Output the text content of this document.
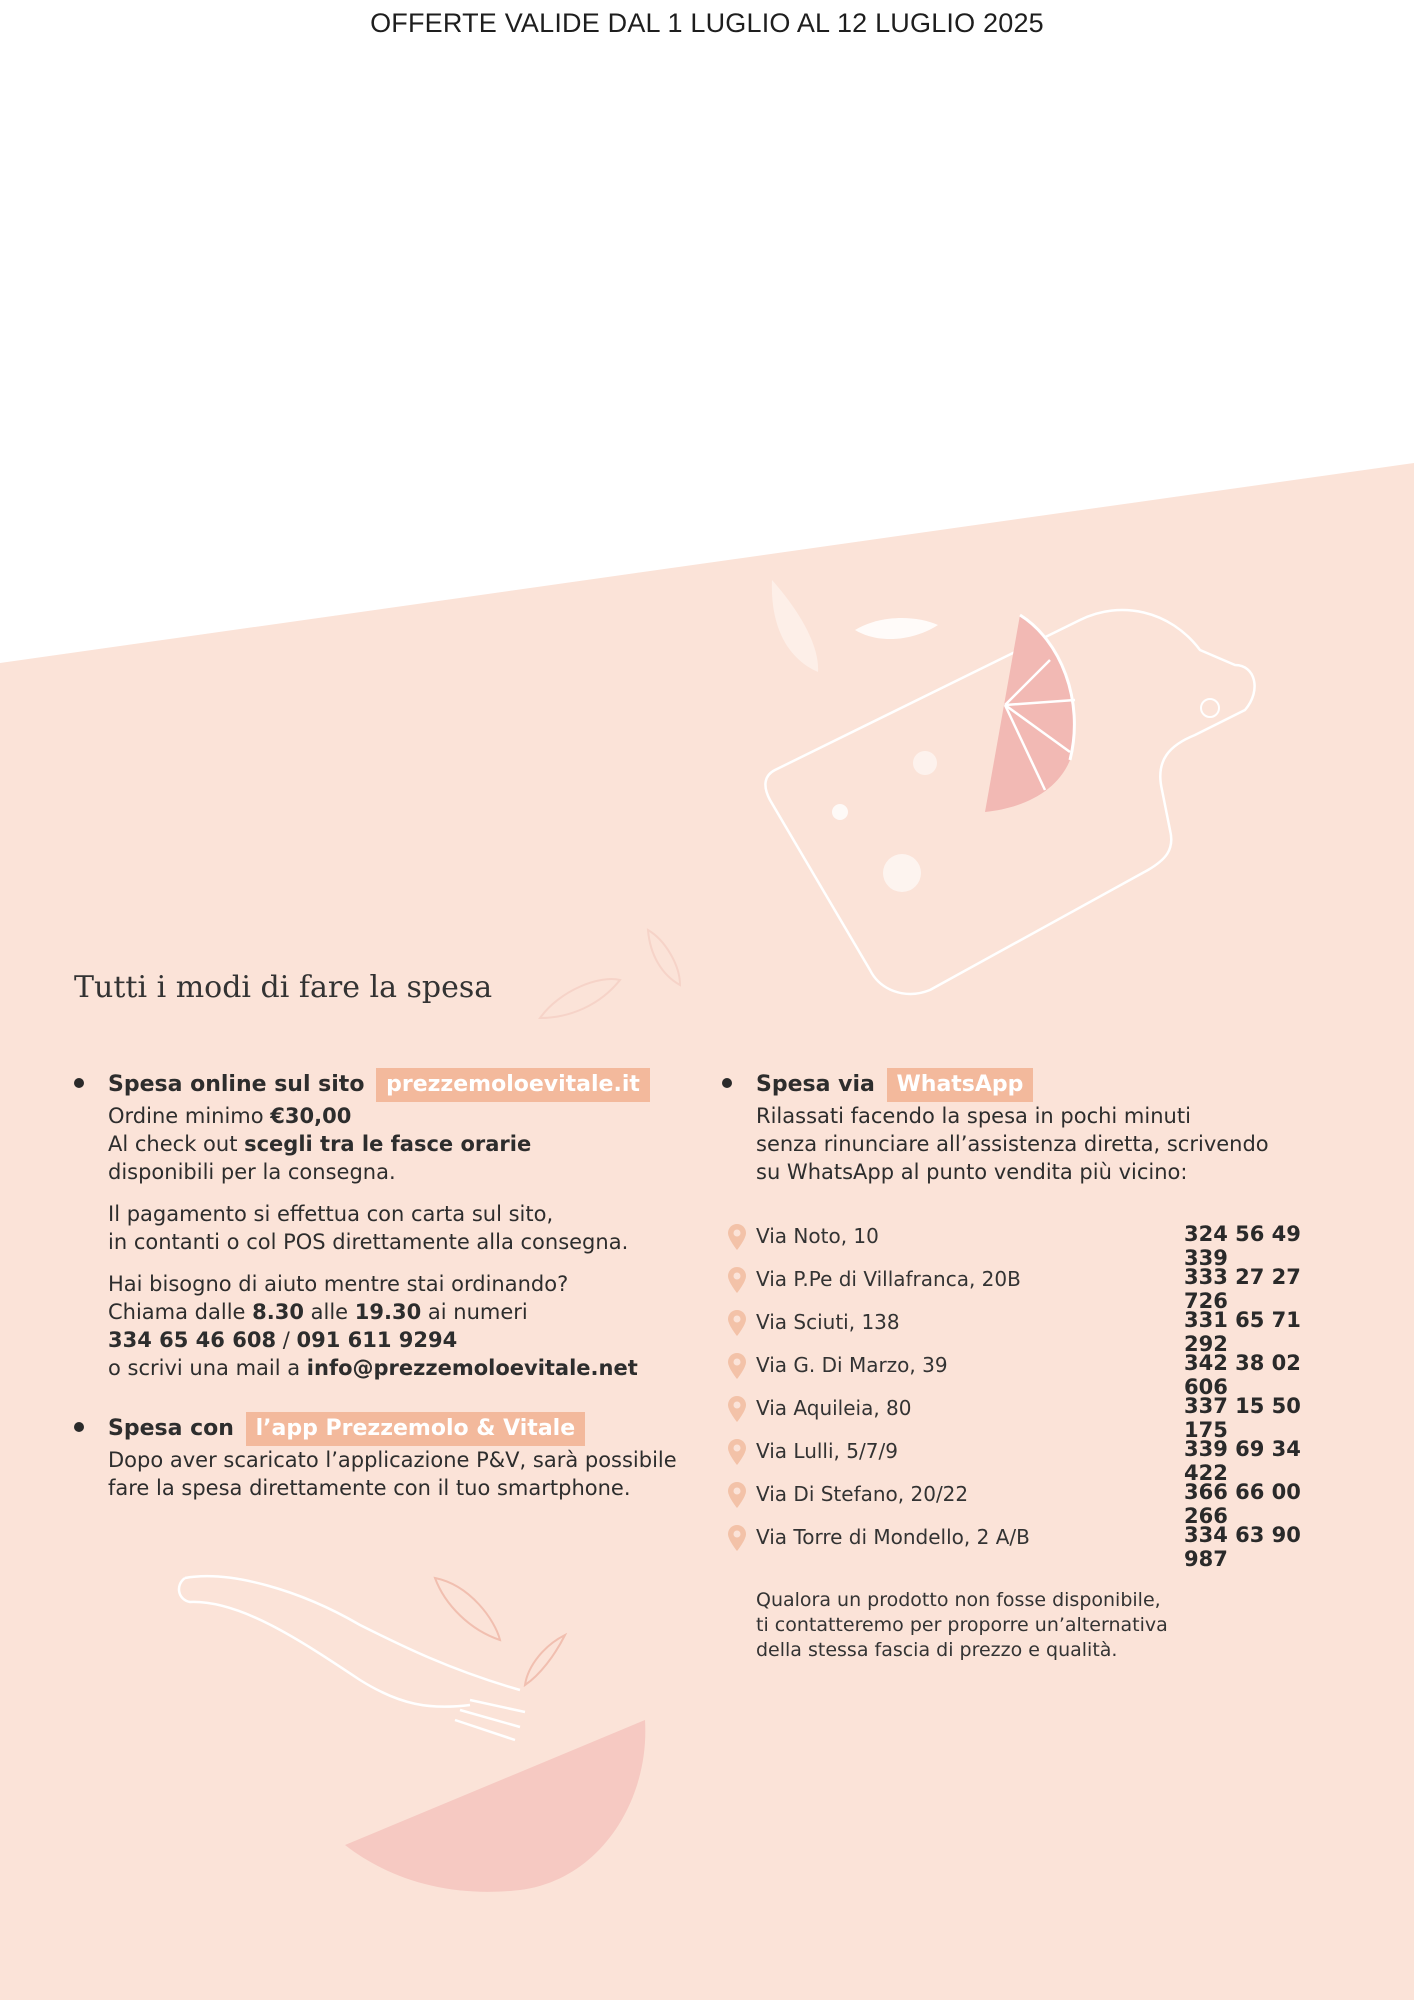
OFFERTE VALIDE DAL 1 LUGLIO AL 12 LUGLIO 2025
Tutti i modi di fare la spesa
Spesa online sul sito prezzemoloevitale.it
Ordine minimo €30,00
Al check out scegli tra le fasce orarie
disponibili per la consegna.
Il pagamento si effettua con carta sul sito,
in contanti o col POS direttamente alla consegna.
Hai bisogno di aiuto mentre stai ordinando?
Chiama dalle 8.30 alle 19.30 ai numeri
334 65 46 608 / 091 611 9294
o scrivi una mail a info@prezzemoloevitale.net
Spesa con l’app Prezzemolo & Vitale
Dopo aver scaricato l’applicazione P&V, sarà possibile
fare la spesa direttamente con il tuo smartphone.
Spesa via WhatsApp
Rilassati facendo la spesa in pochi minuti
senza rinunciare all’assistenza diretta, scrivendo
su WhatsApp al punto vendita più vicino:
Via Noto, 10	324 56 49 339
Via P.Pe di Villafranca, 20B	333 27 27 726
Via Sciuti, 138	331 65 71 292
Via G. Di Marzo, 39	342 38 02 606
Via Aquileia, 80	337 15 50 175
Via Lulli, 5/7/9	339 69 34 422
Via Di Stefano, 20/22	366 66 00 266
Via Torre di Mondello, 2 A/B	334 63 90 987
Qualora un prodotto non fosse disponibile,
ti contatteremo per proporre un’alternativa
della stessa fascia di prezzo e qualità.
